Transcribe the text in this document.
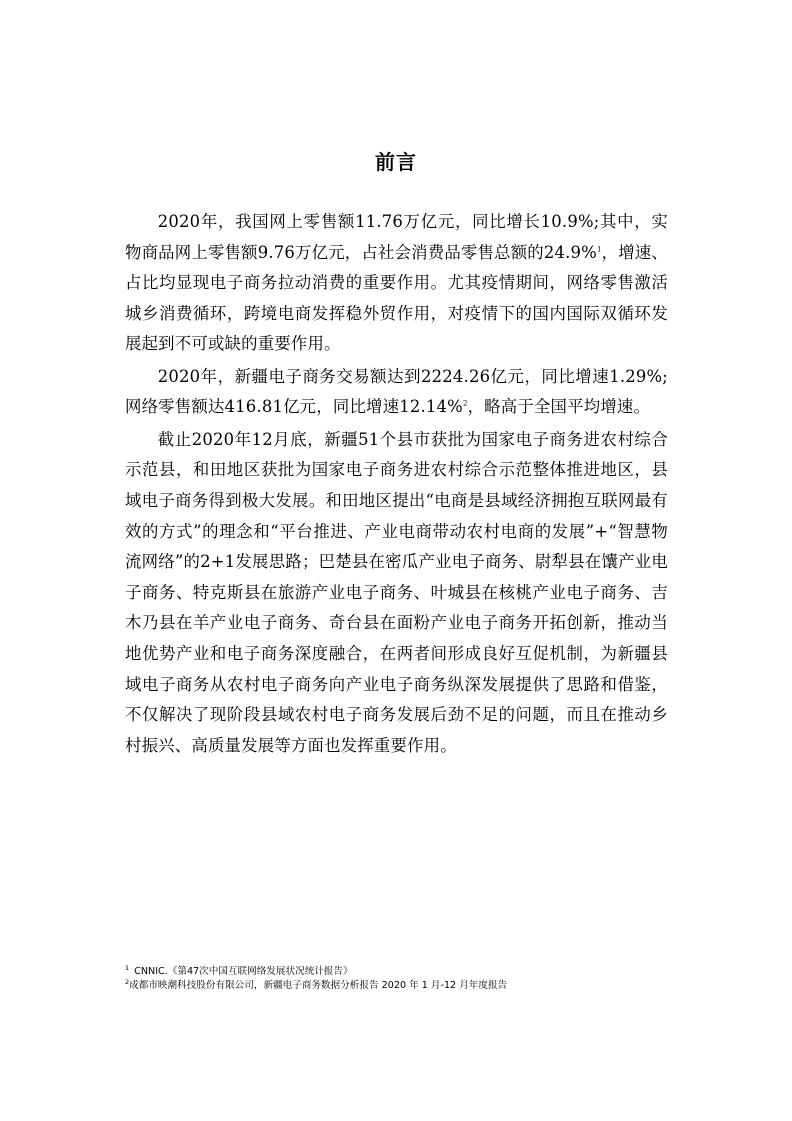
前言

2020年，我国网上零售额11.76万亿元，同比增长10.9%;其中，实物商品网上零售额9.76万亿元，占社会消费品零售总额的24.9%$^1$，增速、占比均显现电子商务拉动消费的重要作用。尤其疫情期间，网络零售激活城乡消费循环，跨境电商发挥稳外贸作用，对疫情下的国内国际双循环发展起到不可或缺的重要作用。

2020年，新疆电子商务交易额达到2224.26亿元，同比增速1.29%;网络零售额达416.81亿元，同比增速12.14%$^2$，略高于全国平均增速。

截止2020年12月底，新疆51个县市获批为国家电子商务进农村综合示范县，和田地区获批为国家电子商务进农村综合示范整体推进地区，县域电子商务得到极大发展。和田地区提出“电商是县域经济拥抱互联网最有效的方式”的理念和“平台推进、产业电商带动农村电商的发展”+“智慧物流网络”的2+1发展思路；巴楚县在密瓜产业电子商务、尉犁县在馕产业电子商务、特克斯县在旅游产业电子商务、叶城县在核桃产业电子商务、吉木乃县在羊产业电子商务、奇台县在面粉产业电子商务开拓创新，推动当地优势产业和电子商务深度融合，在两者间形成良好互促机制，为新疆县域电子商务从农村电子商务向产业电子商务纵深发展提供了思路和借鉴，不仅解决了现阶段县域农村电子商务发展后劲不足的问题，而且在推动乡村振兴、高质量发展等方面也发挥重要作用。

$^1$ CNNIC.《第47次中国互联网络发展状况统计报告》
$^2$成都市映潮科技股份有限公司，新疆电子商务数据分析报告 2020 年 1 月-12 月年度报告
